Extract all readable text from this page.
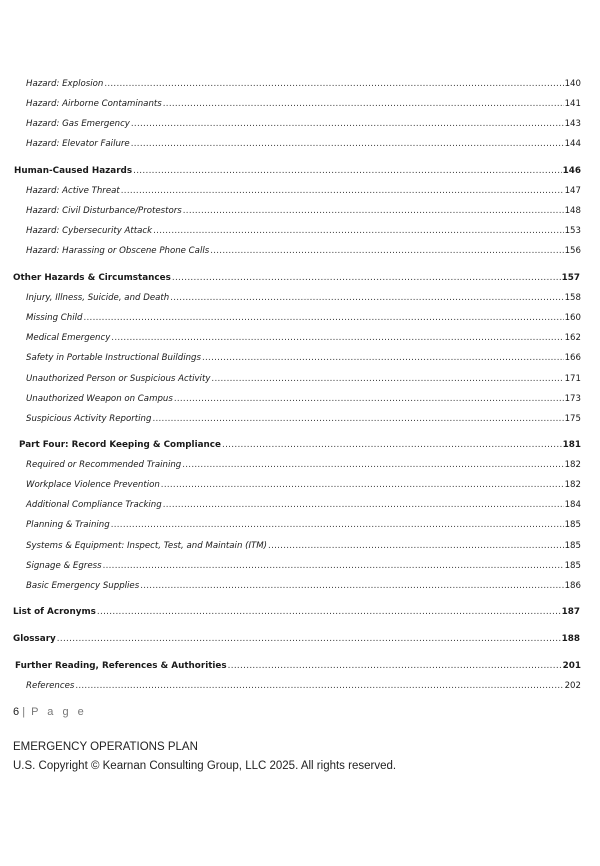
Hazard: Explosion .....	140
Hazard: Airborne Contaminants .....	141
Hazard: Gas Emergency .....	143
Hazard: Elevator Failure .....	144
Human-Caused Hazards .....	146
Hazard: Active Threat .....	147
Hazard: Civil Disturbance/Protestors .....	148
Hazard: Cybersecurity Attack .....	153
Hazard: Harassing or Obscene Phone Calls .....	156
Other Hazards & Circumstances .....	157
Injury, Illness, Suicide, and Death .....	158
Missing Child .....	160
Medical Emergency .....	162
Safety in Portable Instructional Buildings .....	166
Unauthorized Person or Suspicious Activity .....	171
Unauthorized Weapon on Campus .....	173
Suspicious Activity Reporting .....	175
Part Four: Record Keeping & Compliance .....	181
Required or Recommended Training .....	182
Workplace Violence Prevention .....	182
Additional Compliance Tracking .....	184
Planning & Training .....	185
Systems & Equipment: Inspect, Test, and Maintain (ITM) .....	185
Signage & Egress .....	185
Basic Emergency Supplies .....	186
List of Acronyms .....	187
Glossary .....	188
Further Reading, References & Authorities .....	201
References .....	202
6 | P a g e
EMERGENCY OPERATIONS PLAN
U.S. Copyright © Kearnan Consulting Group, LLC 2025. All rights reserved.
